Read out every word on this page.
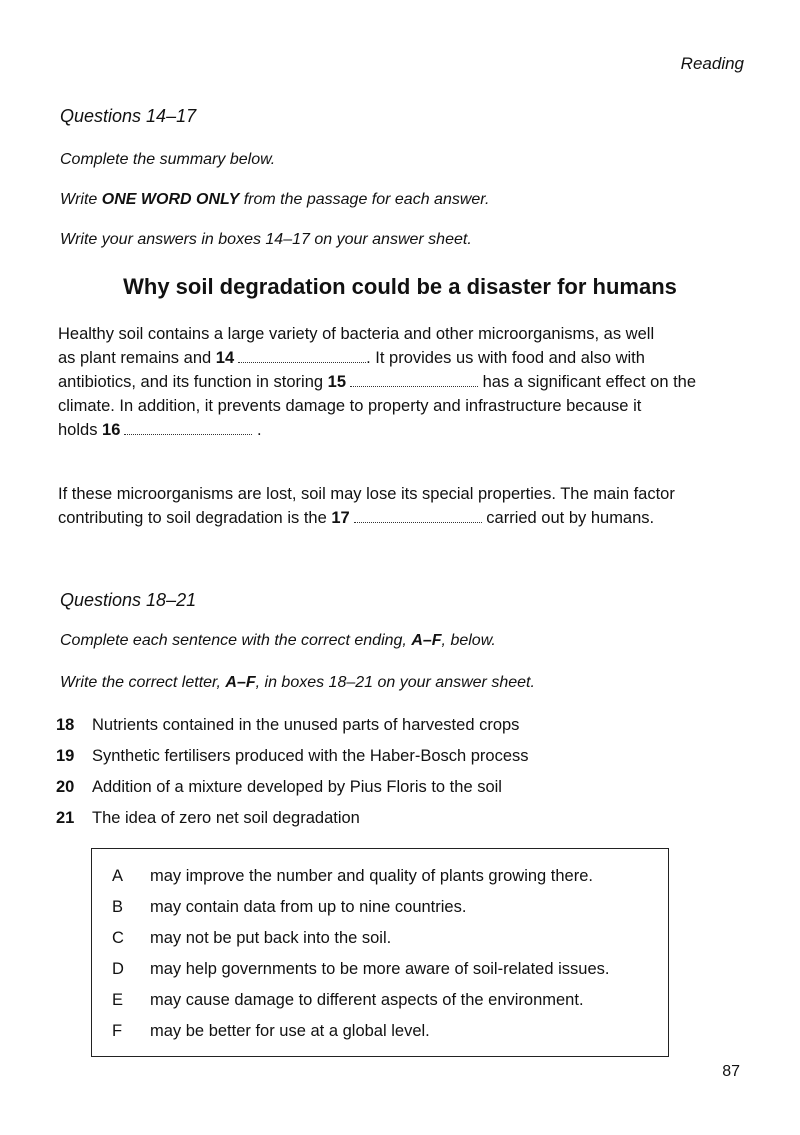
Reading
Questions 14–17
Complete the summary below.
Write ONE WORD ONLY from the passage for each answer.
Write your answers in boxes 14–17 on your answer sheet.
Why soil degradation could be a disaster for humans
Healthy soil contains a large variety of bacteria and other microorganisms, as well
as plant remains and 14	. It provides us with food and also with
antibiotics, and its function in storing 15	has a significant effect on the
climate. In addition, it prevents damage to property and infrastructure because it
holds 16	.
If these microorganisms are lost, soil may lose its special properties. The main factor
contributing to soil degradation is the 17	carried out by humans.
Questions 18–21
Complete each sentence with the correct ending, A–F, below.
Write the correct letter, A–F, in boxes 18–21 on your answer sheet.
18	Nutrients contained in the unused parts of harvested crops
19	Synthetic fertilisers produced with the Haber-Bosch process
20	Addition of a mixture developed by Pius Floris to the soil
21	The idea of zero net soil degradation
A	may improve the number and quality of plants growing there.
B	may contain data from up to nine countries.
C	may not be put back into the soil.
D	may help governments to be more aware of soil-related issues.
E	may cause damage to different aspects of the environment.
F	may be better for use at a global level.
87
